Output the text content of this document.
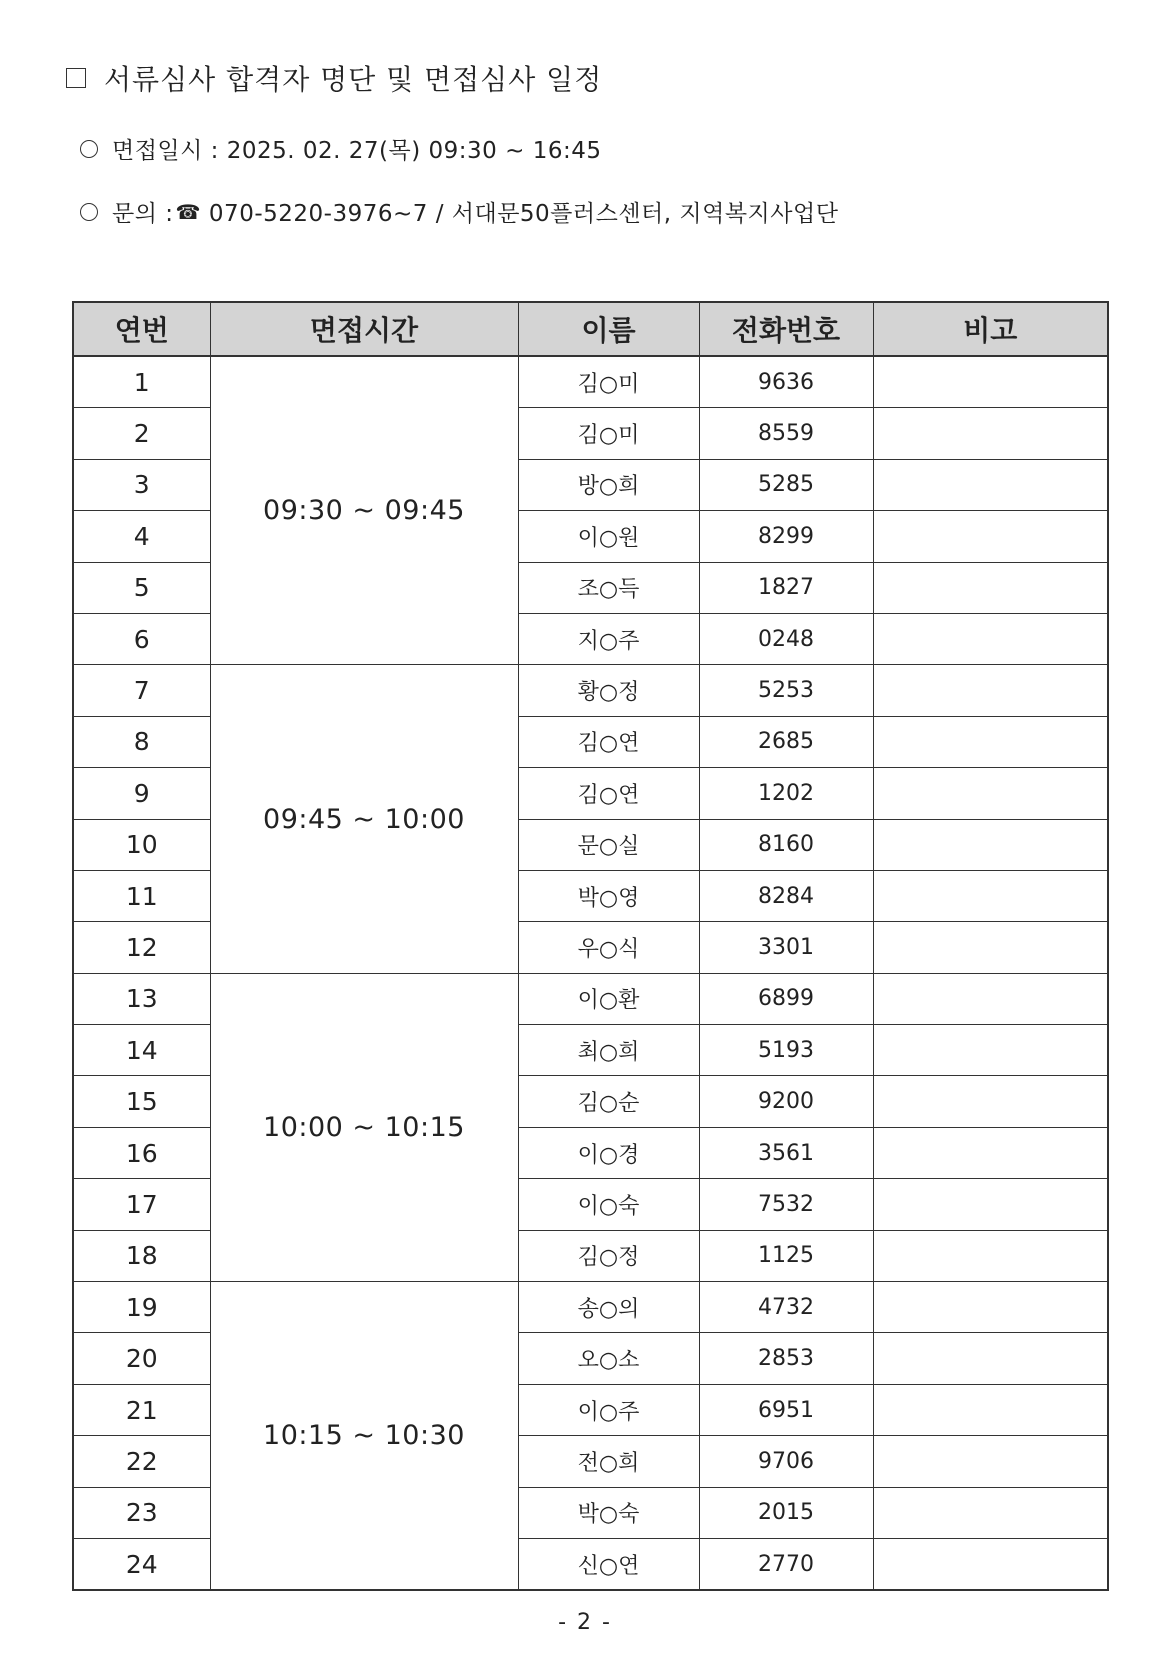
서류심사 합격자 명단 및 면접심사 일정
면접일시 : 2025. 02. 27(목) 09:30 ~ 16:45
문의 : ☎ 070-5220-3976~7 / 서대문50플러스센터, 지역복지사업단
연번	면접시간	이름	전화번호	비고
1	09:30 ~ 09:45	김○미	9636	
2		김○미	8559	
3		방○희	5285	
4		이○원	8299	
5		조○득	1827	
6		지○주	0248	
7	09:45 ~ 10:00	황○정	5253	
8		김○연	2685	
9		김○연	1202	
10		문○실	8160	
11		박○영	8284	
12		우○식	3301	
13	10:00 ~ 10:15	이○환	6899	
14		최○희	5193	
15		김○순	9200	
16		이○경	3561	
17		이○숙	7532	
18		김○정	1125	
19	10:15 ~ 10:30	송○의	4732	
20		오○소	2853	
21		이○주	6951	
22		전○희	9706	
23		박○숙	2015	
24		신○연	2770	
- 2 -
